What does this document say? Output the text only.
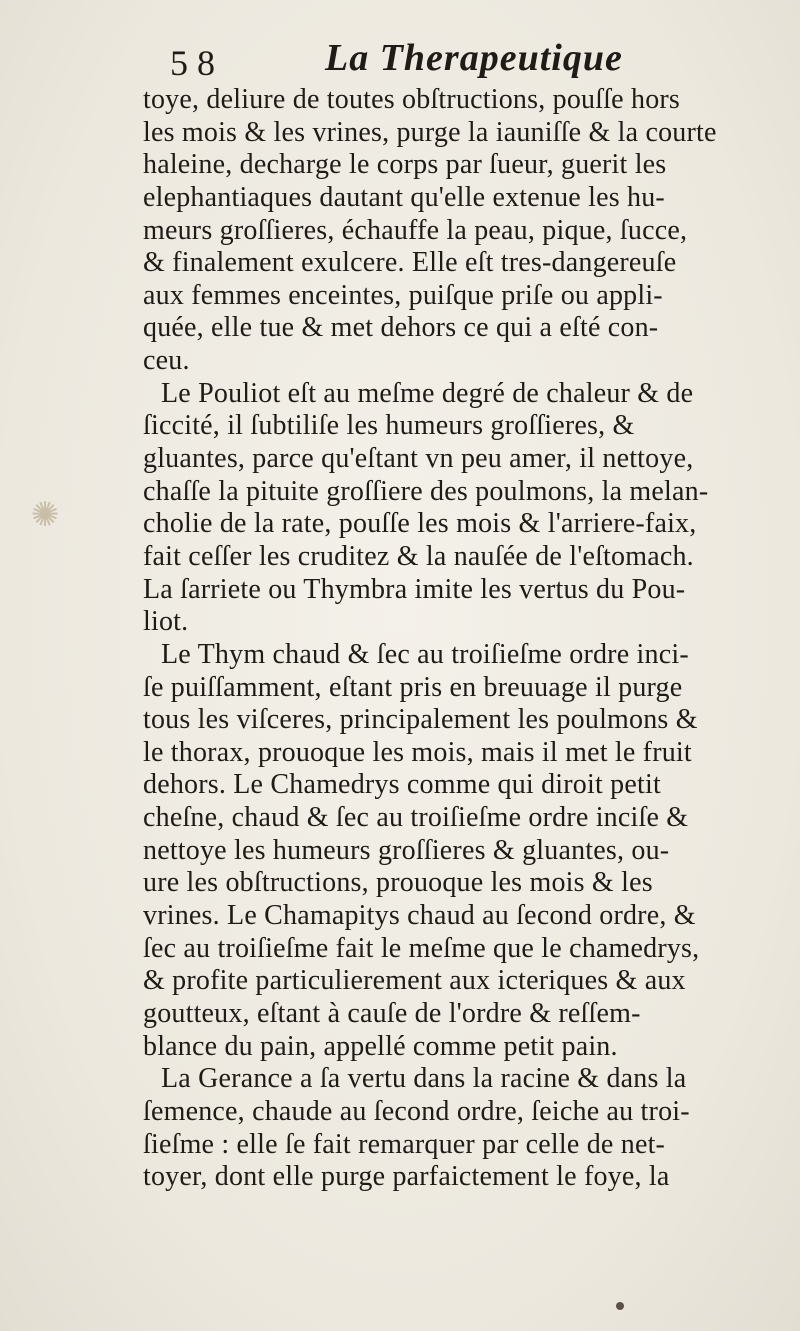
5 8	La Therapeutique
✺
toye, deliure de toutes obſtructions, pouſſe hors
les mois & les vrines, purge la iauniſſe & la courte
haleine, decharge le corps par ſueur, guerit les
elephantiaques dautant qu'elle extenue les hu-
meurs groſſieres, échauffe la peau, pique, ſucce,
& finalement exulcere. Elle eſt tres-dangereuſe
aux femmes enceintes, puiſque priſe ou appli-
quée, elle tue & met dehors ce qui a eſté con-
ceu.
Le Pouliot eſt au meſme degré de chaleur & de
ſiccité, il ſubtiliſe les humeurs groſſieres, &
gluantes, parce qu'eſtant vn peu amer, il nettoye,
chaſſe la pituite groſſiere des poulmons, la melan-
cholie de la rate, pouſſe les mois & l'arriere-faix,
fait ceſſer les cruditez & la nauſée de l'eſtomach.
La ſarriete ou Thymbra imite les vertus du Pou-
liot.
Le Thym chaud & ſec au troiſieſme ordre inci-
ſe puiſſamment, eſtant pris en breuuage il purge
tous les viſceres, principalement les poulmons &
le thorax, prouoque les mois, mais il met le fruit
dehors. Le Chamedrys comme qui diroit petit
cheſne, chaud & ſec au troiſieſme ordre inciſe &
nettoye les humeurs groſſieres & gluantes, ou-
ure les obſtructions, prouoque les mois & les
vrines. Le Chamapitys chaud au ſecond ordre, &
ſec au troiſieſme fait le meſme que le chamedrys,
& profite particulierement aux icteriques & aux
goutteux, eſtant à cauſe de l'ordre & reſſem-
blance du pain, appellé comme petit pain.
La Gerance a ſa vertu dans la racine & dans la
ſemence, chaude au ſecond ordre, ſeiche au troi-
ſieſme : elle ſe fait remarquer par celle de net-
toyer, dont elle purge parfaictement le foye, la
